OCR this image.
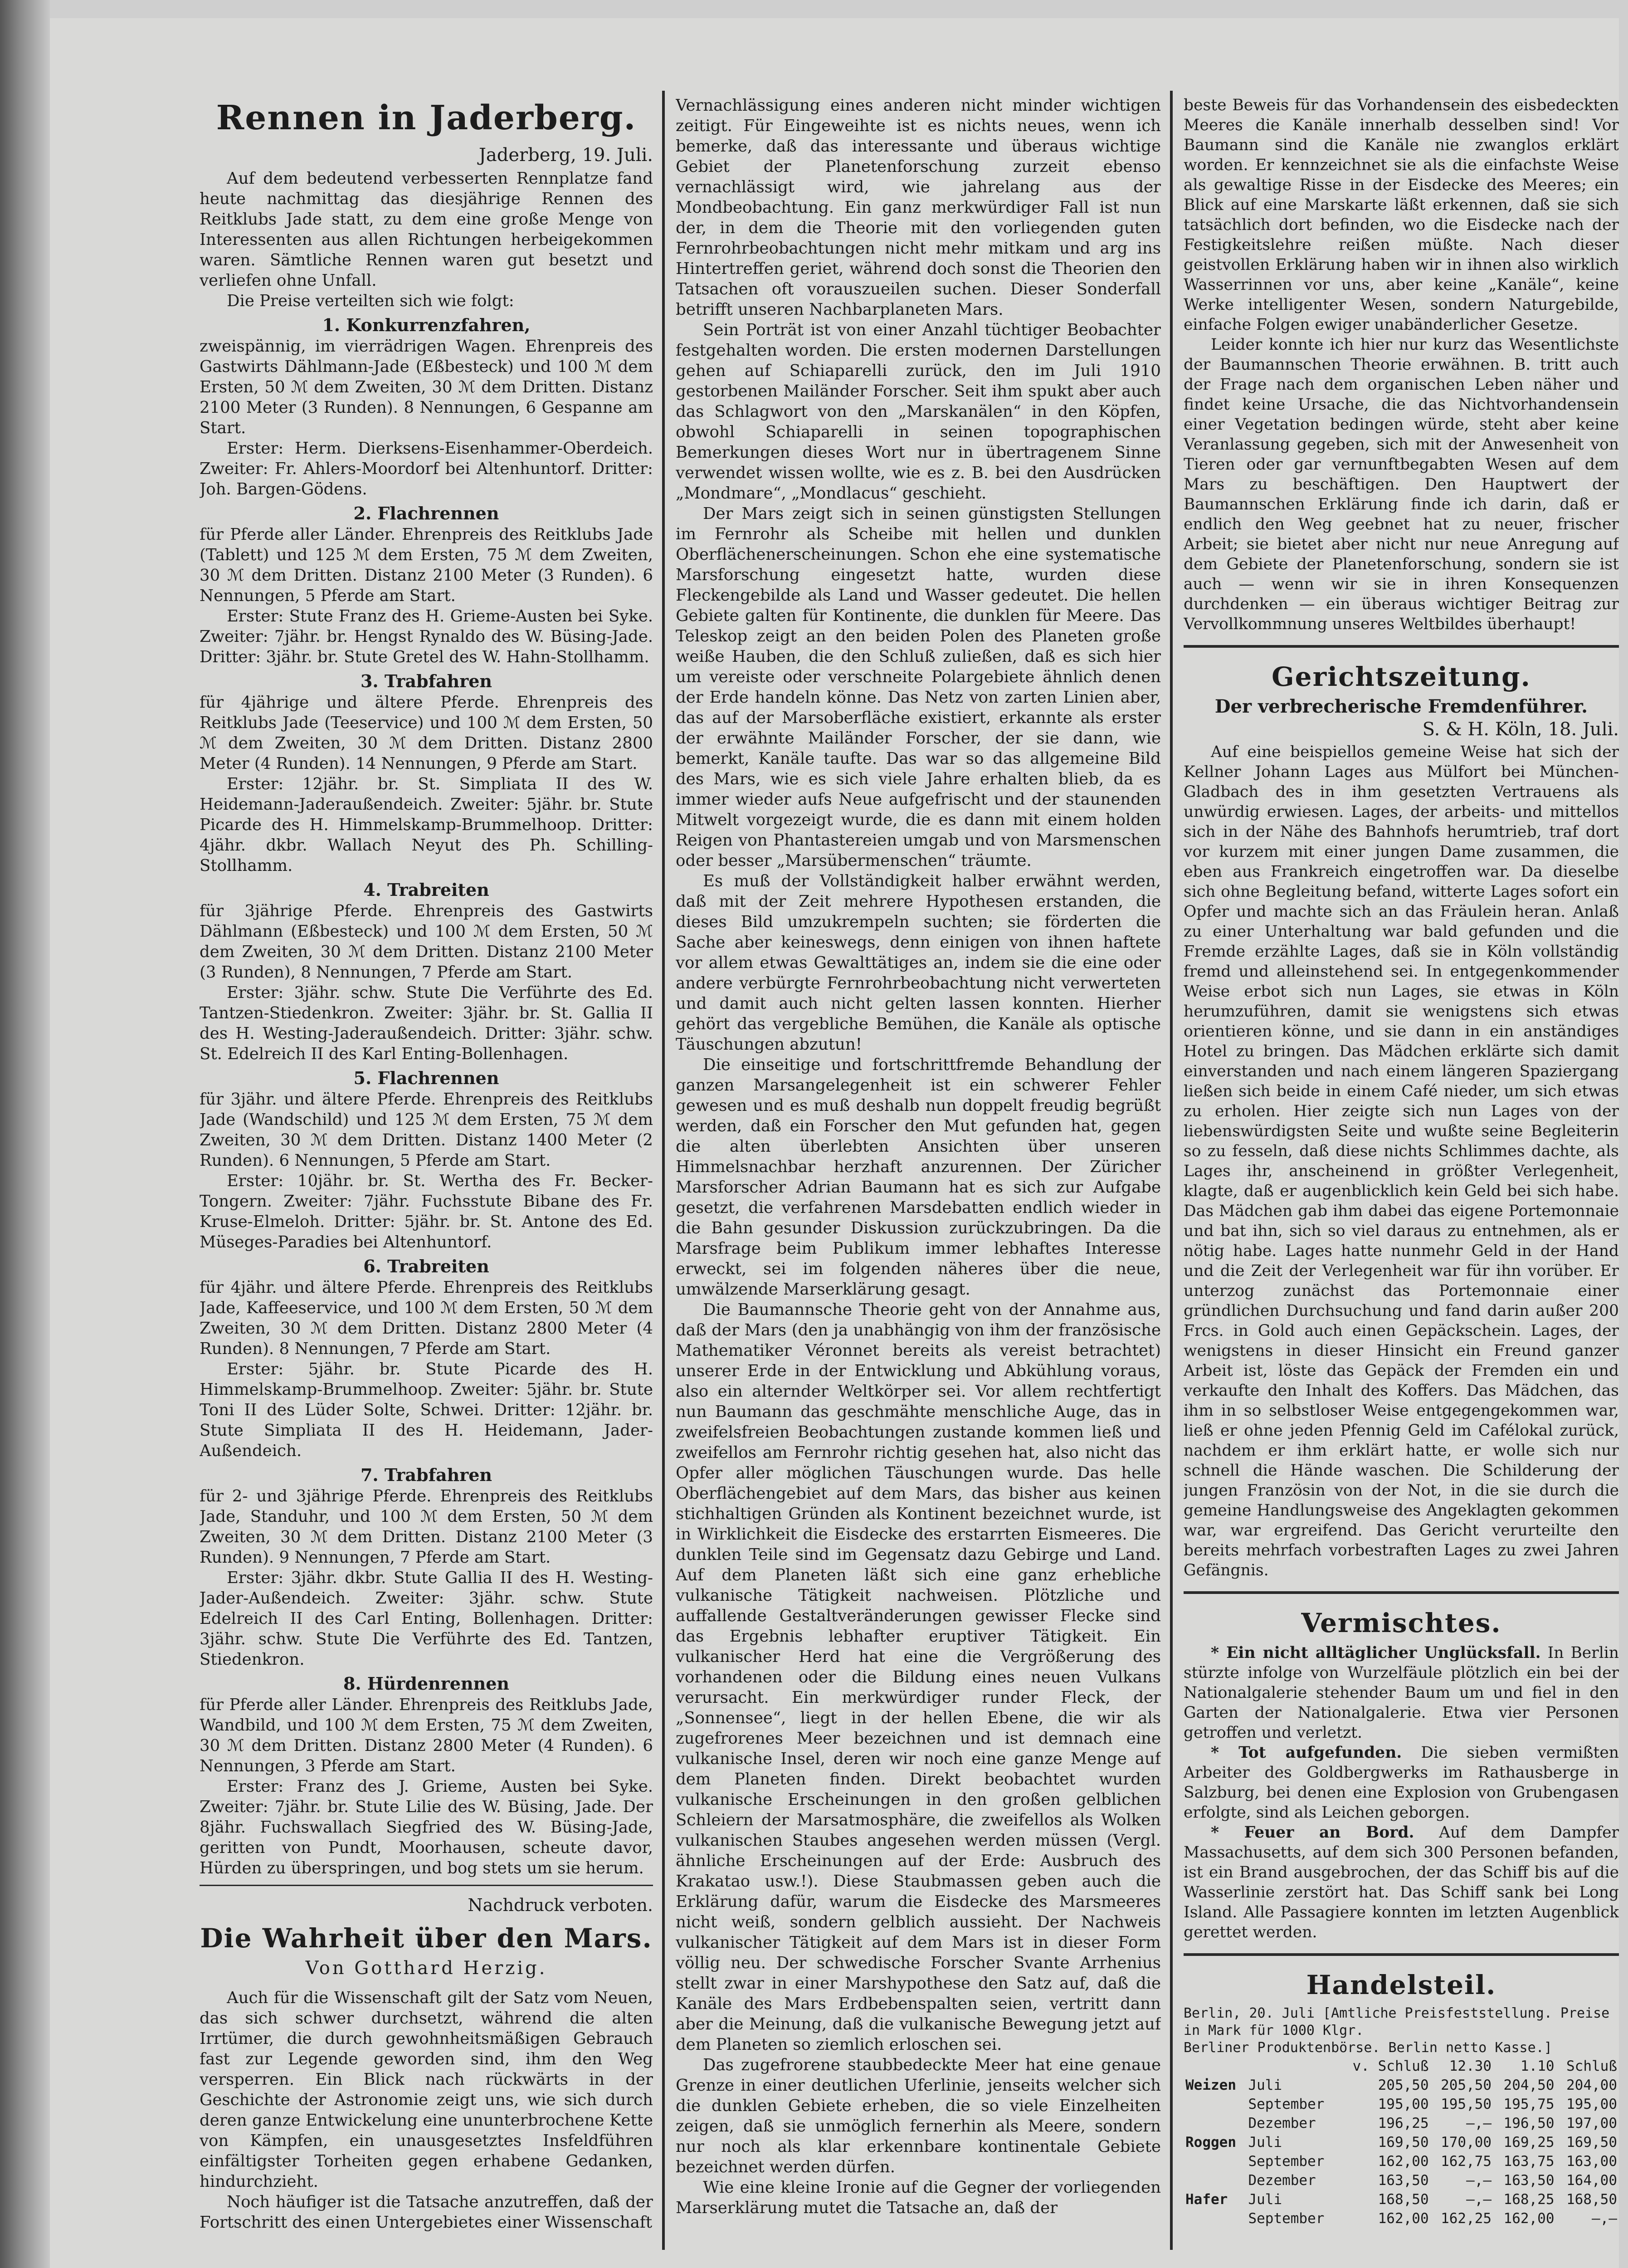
Rennen in Jaderberg.
Jaderberg, 19. Juli.

Auf dem bedeutend verbesserten Rennplatze fand heute nachmittag das diesjährige Rennen des Reitklubs Jade statt, zu dem eine große Menge von Interessenten aus allen Richtungen herbeigekommen waren. Sämtliche Rennen waren gut besetzt und verliefen ohne Unfall.

Die Preise verteilten sich wie folgt:

1. Konkurrenzfahren,

zweispännig, im vierrädrigen Wagen. Ehrenpreis des Gastwirts Dählmann-Jade (Eßbesteck) und 100 ℳ dem Ersten, 50 ℳ dem Zweiten, 30 ℳ dem Dritten. Distanz 2100 Meter (3 Runden). 8 Nennungen, 6 Gespanne am Start.

Erster: Herm. Dierksens-Eisenhammer-Oberdeich. Zweiter: Fr. Ahlers-Moordorf bei Altenhuntorf. Dritter: Joh. Bargen-Gödens.

2. Flachrennen

für Pferde aller Länder. Ehrenpreis des Reitklubs Jade (Tablett) und 125 ℳ dem Ersten, 75 ℳ dem Zweiten, 30 ℳ dem Dritten. Distanz 2100 Meter (3 Runden). 6 Nennungen, 5 Pferde am Start.

Erster: Stute Franz des H. Grieme-Austen bei Syke. Zweiter: 7jähr. br. Hengst Rynaldo des W. Büsing-Jade. Dritter: 3jähr. br. Stute Gretel des W. Hahn-Stollhamm.

3. Trabfahren

für 4jährige und ältere Pferde. Ehrenpreis des Reitklubs Jade (Teeservice) und 100 ℳ dem Ersten, 50 ℳ dem Zweiten, 30 ℳ dem Dritten. Distanz 2800 Meter (4 Runden). 14 Nennungen, 9 Pferde am Start.

Erster: 12jähr. br. St. Simpliata II des W. Heidemann-Jaderaußendeich. Zweiter: 5jähr. br. Stute Picarde des H. Himmelskamp-Brummelhoop. Dritter: 4jähr. dkbr. Wallach Neyut des Ph. Schilling-Stollhamm.

4. Trabreiten

für 3jährige Pferde. Ehrenpreis des Gastwirts Dählmann (Eßbesteck) und 100 ℳ dem Ersten, 50 ℳ dem Zweiten, 30 ℳ dem Dritten. Distanz 2100 Meter (3 Runden), 8 Nennungen, 7 Pferde am Start.

Erster: 3jähr. schw. Stute Die Verführte des Ed. Tantzen-Stiedenkron. Zweiter: 3jähr. br. St. Gallia II des H. Westing-Jaderaußendeich. Dritter: 3jähr. schw. St. Edelreich II des Karl Enting-Bollenhagen.

5. Flachrennen

für 3jähr. und ältere Pferde. Ehrenpreis des Reitklubs Jade (Wandschild) und 125 ℳ dem Ersten, 75 ℳ dem Zweiten, 30 ℳ dem Dritten. Distanz 1400 Meter (2 Runden). 6 Nennungen, 5 Pferde am Start.

Erster: 10jähr. br. St. Wertha des Fr. Becker-Tongern. Zweiter: 7jähr. Fuchsstute Bibane des Fr. Kruse-Elmeloh. Dritter: 5jähr. br. St. Antone des Ed. Müseges-Paradies bei Altenhuntorf.

6. Trabreiten

für 4jähr. und ältere Pferde. Ehrenpreis des Reitklubs Jade, Kaffeeservice, und 100 ℳ dem Ersten, 50 ℳ dem Zweiten, 30 ℳ dem Dritten. Distanz 2800 Meter (4 Runden). 8 Nennungen, 7 Pferde am Start.

Erster: 5jähr. br. Stute Picarde des H. Himmelskamp-Brummelhoop. Zweiter: 5jähr. br. Stute Toni II des Lüder Solte, Schwei. Dritter: 12jähr. br. Stute Simpliata II des H. Heidemann, Jader-Außendeich.

7. Trabfahren

für 2- und 3jährige Pferde. Ehrenpreis des Reitklubs Jade, Standuhr, und 100 ℳ dem Ersten, 50 ℳ dem Zweiten, 30 ℳ dem Dritten. Distanz 2100 Meter (3 Runden). 9 Nennungen, 7 Pferde am Start.

Erster: 3jähr. dkbr. Stute Gallia II des H. Westing-Jader-Außendeich. Zweiter: 3jähr. schw. Stute Edelreich II des Carl Enting, Bollenhagen. Dritter: 3jähr. schw. Stute Die Verführte des Ed. Tantzen, Stiedenkron.

8. Hürdenrennen

für Pferde aller Länder. Ehrenpreis des Reitklubs Jade, Wandbild, und 100 ℳ dem Ersten, 75 ℳ dem Zweiten, 30 ℳ dem Dritten. Distanz 2800 Meter (4 Runden). 6 Nennungen, 3 Pferde am Start.

Erster: Franz des J. Grieme, Austen bei Syke. Zweiter: 7jähr. br. Stute Lilie des W. Büsing, Jade. Der 8jähr. Fuchswallach Siegfried des W. Büsing-Jade, geritten von Pundt, Moorhausen, scheute davor, Hürden zu überspringen, und bog stets um sie herum.

Nachdruck verboten.
Die Wahrheit über den Mars.
Von Gotthard Herzig.

Auch für die Wissenschaft gilt der Satz vom Neuen, das sich schwer durchsetzt, während die alten Irrtümer, die durch gewohnheitsmäßigen Gebrauch fast zur Legende geworden sind, ihm den Weg versperren. Ein Blick nach rückwärts in der Geschichte der Astronomie zeigt uns, wie sich durch deren ganze Entwickelung eine ununterbrochene Kette von Kämpfen, ein unausgesetztes Insfeldführen einfältigster Torheiten gegen erhabene Gedanken, hindurchzieht.

Noch häufiger ist die Tatsache anzutreffen, daß der Fortschritt des einen Untergebietes einer Wissenschaft

Vernachlässigung eines anderen nicht minder wichtigen zeitigt. Für Eingeweihte ist es nichts neues, wenn ich bemerke, daß das interessante und überaus wichtige Gebiet der Planetenforschung zurzeit ebenso vernachlässigt wird, wie jahrelang aus der Mondbeobachtung. Ein ganz merkwürdiger Fall ist nun der, in dem die Theorie mit den vorliegenden guten Fernrohrbeobachtungen nicht mehr mitkam und arg ins Hintertreffen geriet, während doch sonst die Theorien den Tatsachen oft vorauszueilen suchen. Dieser Sonderfall betrifft unseren Nachbarplaneten Mars.

Sein Porträt ist von einer Anzahl tüchtiger Beobachter festgehalten worden. Die ersten modernen Darstellungen gehen auf Schiaparelli zurück, den im Juli 1910 gestorbenen Mailänder Forscher. Seit ihm spukt aber auch das Schlagwort von den „Marskanälen“ in den Köpfen, obwohl Schiaparelli in seinen topographischen Bemerkungen dieses Wort nur in übertragenem Sinne verwendet wissen wollte, wie es z. B. bei den Ausdrücken „Mondmare“, „Mondlacus“ geschieht.

Der Mars zeigt sich in seinen günstigsten Stellungen im Fernrohr als Scheibe mit hellen und dunklen Oberflächenerscheinungen. Schon ehe eine systematische Marsforschung eingesetzt hatte, wurden diese Fleckengebilde als Land und Wasser gedeutet. Die hellen Gebiete galten für Kontinente, die dunklen für Meere. Das Teleskop zeigt an den beiden Polen des Planeten große weiße Hauben, die den Schluß zuließen, daß es sich hier um vereiste oder verschneite Polargebiete ähnlich denen der Erde handeln könne. Das Netz von zarten Linien aber, das auf der Marsoberfläche existiert, erkannte als erster der erwähnte Mailänder Forscher, der sie dann, wie bemerkt, Kanäle taufte. Das war so das allgemeine Bild des Mars, wie es sich viele Jahre erhalten blieb, da es immer wieder aufs Neue aufgefrischt und der staunenden Mitwelt vorgezeigt wurde, die es dann mit einem holden Reigen von Phantastereien umgab und von Marsmenschen oder besser „Marsübermenschen“ träumte.

Es muß der Vollständigkeit halber erwähnt werden, daß mit der Zeit mehrere Hypothesen erstanden, die dieses Bild umzukrempeln suchten; sie förderten die Sache aber keineswegs, denn einigen von ihnen haftete vor allem etwas Gewalttätiges an, indem sie die eine oder andere verbürgte Fernrohrbeobachtung nicht verwerteten und damit auch nicht gelten lassen konnten. Hierher gehört das vergebliche Bemühen, die Kanäle als optische Täuschungen abzutun!

Die einseitige und fortschrittfremde Behandlung der ganzen Marsangelegenheit ist ein schwerer Fehler gewesen und es muß deshalb nun doppelt freudig begrüßt werden, daß ein Forscher den Mut gefunden hat, gegen die alten überlebten Ansichten über unseren Himmelsnachbar herzhaft anzurennen. Der Züricher Marsforscher Adrian Baumann hat es sich zur Aufgabe gesetzt, die verfahrenen Marsdebatten endlich wieder in die Bahn gesunder Diskussion zurückzubringen. Da die Marsfrage beim Publikum immer lebhaftes Interesse erweckt, sei im folgenden näheres über die neue, umwälzende Marserklärung gesagt.

Die Baumannsche Theorie geht von der Annahme aus, daß der Mars (den ja unabhängig von ihm der französische Mathematiker Véronnet bereits als vereist betrachtet) unserer Erde in der Entwicklung und Abkühlung voraus, also ein alternder Weltkörper sei. Vor allem rechtfertigt nun Baumann das geschmähte menschliche Auge, das in zweifelsfreien Beobachtungen zustande kommen ließ und zweifellos am Fernrohr richtig gesehen hat, also nicht das Opfer aller möglichen Täuschungen wurde. Das helle Oberflächengebiet auf dem Mars, das bisher aus keinen stichhaltigen Gründen als Kontinent bezeichnet wurde, ist in Wirklichkeit die Eisdecke des erstarrten Eismeeres. Die dunklen Teile sind im Gegensatz dazu Gebirge und Land. Auf dem Planeten läßt sich eine ganz erhebliche vulkanische Tätigkeit nachweisen. Plötzliche und auffallende Gestaltveränderungen gewisser Flecke sind das Ergebnis lebhafter eruptiver Tätigkeit. Ein vulkanischer Herd hat eine die Vergrößerung des vorhandenen oder die Bildung eines neuen Vulkans verursacht. Ein merkwürdiger runder Fleck, der „Sonnensee“, liegt in der hellen Ebene, die wir als zugefrorenes Meer bezeichnen und ist demnach eine vulkanische Insel, deren wir noch eine ganze Menge auf dem Planeten finden. Direkt beobachtet wurden vulkanische Erscheinungen in den großen gelblichen Schleiern der Marsatmosphäre, die zweifellos als Wolken vulkanischen Staubes angesehen werden müssen (Vergl. ähnliche Erscheinungen auf der Erde: Ausbruch des Krakatao usw.!). Diese Staubmassen geben auch die Erklärung dafür, warum die Eisdecke des Marsmeeres nicht weiß, sondern gelblich aussieht. Der Nachweis vulkanischer Tätigkeit auf dem Mars ist in dieser Form völlig neu. Der schwedische Forscher Svante Arrhenius stellt zwar in einer Marshypothese den Satz auf, daß die Kanäle des Mars Erdbebenspalten seien, vertritt dann aber die Meinung, daß die vulkanische Bewegung jetzt auf dem Planeten so ziemlich erloschen sei.

Das zugefrorene staubbedeckte Meer hat eine genaue Grenze in einer deutlichen Uferlinie, jenseits welcher sich die dunklen Gebiete erheben, die so viele Einzelheiten zeigen, daß sie unmöglich fernerhin als Meere, sondern nur noch als klar erkennbare kontinentale Gebiete bezeichnet werden dürfen.

Wie eine kleine Ironie auf die Gegner der vorliegenden Marserklärung mutet die Tatsache an, daß der

beste Beweis für das Vorhandensein des eisbedeckten Meeres die Kanäle innerhalb desselben sind! Vor Baumann sind die Kanäle nie zwanglos erklärt worden. Er kennzeichnet sie als die einfachste Weise als gewaltige Risse in der Eisdecke des Meeres; ein Blick auf eine Marskarte läßt erkennen, daß sie sich tatsächlich dort befinden, wo die Eisdecke nach der Festigkeitslehre reißen müßte. Nach dieser geistvollen Erklärung haben wir in ihnen also wirklich Wasserrinnen vor uns, aber keine „Kanäle“, keine Werke intelligenter Wesen, sondern Naturgebilde, einfache Folgen ewiger unabänderlicher Gesetze.

Leider konnte ich hier nur kurz das Wesentlichste der Baumannschen Theorie erwähnen. B. tritt auch der Frage nach dem organischen Leben näher und findet keine Ursache, die das Nichtvorhandensein einer Vegetation bedingen würde, steht aber keine Veranlassung gegeben, sich mit der Anwesenheit von Tieren oder gar vernunftbegabten Wesen auf dem Mars zu beschäftigen. Den Hauptwert der Baumannschen Erklärung finde ich darin, daß er endlich den Weg geebnet hat zu neuer, frischer Arbeit; sie bietet aber nicht nur neue Anregung auf dem Gebiete der Planetenforschung, sondern sie ist auch — wenn wir sie in ihren Konsequenzen durchdenken — ein überaus wichtiger Beitrag zur Vervollkommnung unseres Weltbildes überhaupt!

Gerichtszeitung.
Der verbrecherische Fremdenführer.
S. & H. Köln, 18. Juli.

Auf eine beispiellos gemeine Weise hat sich der Kellner Johann Lages aus Mülfort bei München-Gladbach des in ihm gesetzten Vertrauens als unwürdig erwiesen. Lages, der arbeits- und mittellos sich in der Nähe des Bahnhofs herumtrieb, traf dort vor kurzem mit einer jungen Dame zusammen, die eben aus Frankreich eingetroffen war. Da dieselbe sich ohne Begleitung befand, witterte Lages sofort ein Opfer und machte sich an das Fräulein heran. Anlaß zu einer Unterhaltung war bald gefunden und die Fremde erzählte Lages, daß sie in Köln vollständig fremd und alleinstehend sei. In entgegenkommender Weise erbot sich nun Lages, sie etwas in Köln herumzuführen, damit sie wenigstens sich etwas orientieren könne, und sie dann in ein anständiges Hotel zu bringen. Das Mädchen erklärte sich damit einverstanden und nach einem längeren Spaziergang ließen sich beide in einem Café nieder, um sich etwas zu erholen. Hier zeigte sich nun Lages von der liebenswürdigsten Seite und wußte seine Begleiterin so zu fesseln, daß diese nichts Schlimmes dachte, als Lages ihr, anscheinend in größter Verlegenheit, klagte, daß er augenblicklich kein Geld bei sich habe. Das Mädchen gab ihm dabei das eigene Portemonnaie und bat ihn, sich so viel daraus zu entnehmen, als er nötig habe. Lages hatte nunmehr Geld in der Hand und die Zeit der Verlegenheit war für ihn vorüber. Er unterzog zunächst das Portemonnaie einer gründlichen Durchsuchung und fand darin außer 200 Frcs. in Gold auch einen Gepäckschein. Lages, der wenigstens in dieser Hinsicht ein Freund ganzer Arbeit ist, löste das Gepäck der Fremden ein und verkaufte den Inhalt des Koffers. Das Mädchen, das ihm in so selbstloser Weise entgegengekommen war, ließ er ohne jeden Pfennig Geld im Cafélokal zurück, nachdem er ihm erklärt hatte, er wolle sich nur schnell die Hände waschen. Die Schilderung der jungen Französin von der Not, in die sie durch die gemeine Handlungsweise des Angeklagten gekommen war, war ergreifend. Das Gericht verurteilte den bereits mehrfach vorbestraften Lages zu zwei Jahren Gefängnis.

Vermischtes.

* Ein nicht alltäglicher Unglücksfall. In Berlin stürzte infolge von Wurzelfäule plötzlich ein bei der Nationalgalerie stehender Baum um und fiel in den Garten der Nationalgalerie. Etwa vier Personen getroffen und verletzt.

* Tot aufgefunden. Die sieben vermißten Arbeiter des Goldbergwerks im Rathausberge in Salzburg, bei denen eine Explosion von Grubengasen erfolgte, sind als Leichen geborgen.

* Feuer an Bord. Auf dem Dampfer Massachusetts, auf dem sich 300 Personen befanden, ist ein Brand ausgebrochen, der das Schiff bis auf die Wasserlinie zerstört hat. Das Schiff sank bei Long Island. Alle Passagiere konnten im letzten Augenblick gerettet werden.

Handelsteil.
Berlin, 20. Juli [Amtliche Preisfeststellung. Preise in Mark für 1000 Klgr.
Berliner Produktenbörse. Berlin netto Kasse.]
		v. Schluß	12.30	1.10	Schluß
Weizen	Juli	205,50	205,50	204,50	204,00
	September	195,00	195,50	195,75	195,00
	Dezember	196,25	—,—	196,50	197,00
Roggen	Juli	169,50	170,00	169,25	169,50
	September	162,00	162,75	163,75	163,00
	Dezember	163,50	—,—	163,50	164,00
Hafer	Juli	168,50	—,—	168,25	168,50
	September	162,00	162,25	162,00	—,—
